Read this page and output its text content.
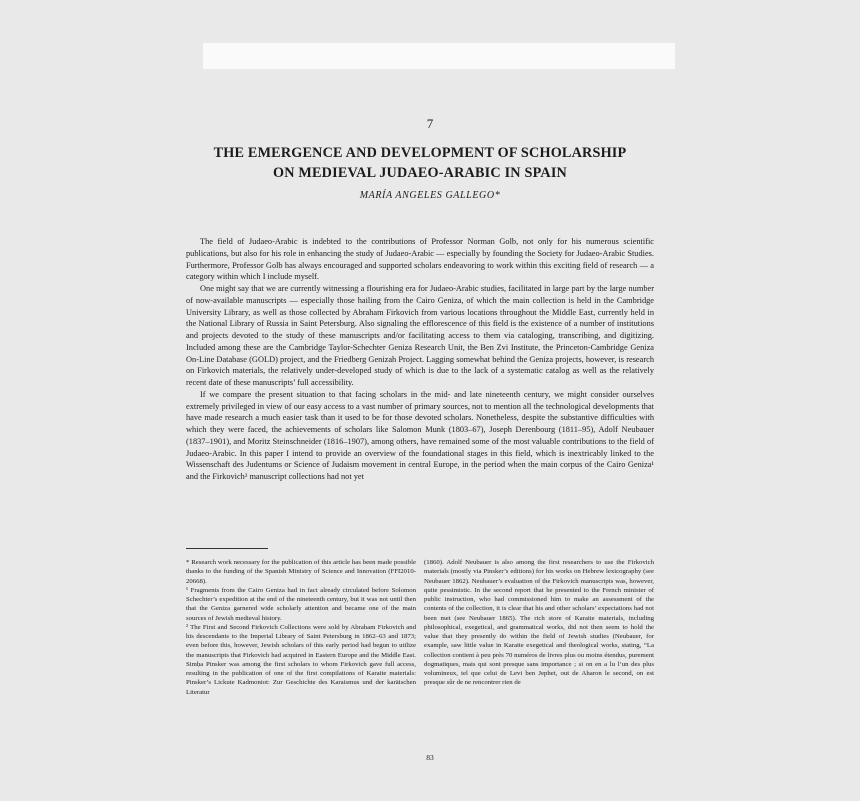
7
THE EMERGENCE AND DEVELOPMENT OF SCHOLARSHIP
ON MEDIEVAL JUDAEO-ARABIC IN SPAIN
MARÍA ANGELES GALLEGO*

The field of Judaeo-Arabic is indebted to the contributions of Professor Norman Golb, not only for his numerous scientific publications, but also for his role in enhancing the study of Judaeo-Arabic — especially by founding the Society for Judaeo-Arabic Studies. Furthermore, Professor Golb has always encouraged and supported scholars endeavoring to work within this exciting field of research — a category within which I include myself.

One might say that we are currently witnessing a flourishing era for Judaeo-Arabic studies, facilitated in large part by the large number of now-available manuscripts — especially those hailing from the Cairo Geniza, of which the main collection is held in the Cambridge University Library, as well as those collected by Abraham Firkovich from various locations throughout the Middle East, currently held in the National Library of Russia in Saint Petersburg. Also signaling the efflorescence of this field is the existence of a number of institutions and projects devoted to the study of these manuscripts and/or facilitating access to them via cataloging, transcribing, and digitizing. Included among these are the Cambridge Taylor-Schechter Geniza Research Unit, the Ben Zvi Institute, the Princeton-Cambridge Geniza On-Line Database (GOLD) project, and the Friedberg Genizah Project. Lagging somewhat behind the Geniza projects, however, is research on Firkovich materials, the relatively under-developed study of which is due to the lack of a systematic catalog as well as the relatively recent date of these manuscripts’ full accessibility.

If we compare the present situation to that facing scholars in the mid- and late nineteenth century, we might consider ourselves extremely privileged in view of our easy access to a vast number of primary sources, not to mention all the technological developments that have made research a much easier task than it used to be for those devoted scholars. Nonetheless, despite the substantive difficulties with which they were faced, the achievements of scholars like Salomon Munk (1803–67), Joseph Derenbourg (1811–95), Adolf Neubauer (1837–1901), and Moritz Steinschneider (1816–1907), among others, have remained some of the most valuable contributions to the field of Judaeo-Arabic. In this paper I intend to provide an overview of the foundational stages in this field, which is inextricably linked to the Wissenschaft des Judentums or Science of Judaism movement in central Europe, in the period when the main corpus of the Cairo Geniza¹ and the Firkovich² manuscript collections had not yet

* Research work necessary for the publication of this article has been made possible thanks to the funding of the Spanish Ministry of Science and Innovation (FFI2010-20668).

¹ Fragments from the Cairo Geniza had in fact already circulated before Solomon Schechter’s expedition at the end of the nineteenth century, but it was not until then that the Geniza garnered wide scholarly attention and became one of the main sources of Jewish medieval history.

² The First and Second Firkovich Collections were sold by Abraham Firkovich and his descendants to the Imperial Library of Saint Petersburg in 1862–63 and 1873; even before this, however, Jewish scholars of this early period had begun to utilize the manuscripts that Firkovich had acquired in Eastern Europe and the Middle East. Simḥa Pinsker was among the first scholars to whom Firkovich gave full access, resulting in the publication of one of the first compilations of Karaite materials: Pinsker’s Lickute Kadmoniot: Zur Geschichte des Karaismus und der karäischen Literatur

(1860). Adolf Neubauer is also among the first researchers to use the Firkovich materials (mostly via Pinsker’s editions) for his works on Hebrew lexicography (see Neubauer 1862). Neubauer’s evaluation of the Firkovich manuscripts was, however, quite pessimistic. In the second report that he presented to the French minister of public instruction, who had commissioned him to make an assessment of the contents of the collection, it is clear that his and other scholars’ expectations had not been met (see Neubauer 1865). The rich store of Karaite materials, including philosophical, exegetical, and grammatical works, did not then seem to hold the value that they presently do within the field of Jewish studies (Neubauer, for example, saw little value in Karaite exegetical and theological works, stating, “La collection contient à peu près 70 numéros de livres plus ou moins étendus, purement dogmatiques, mais qui sont presque sans importance ; si on en a lu l’un des plus volumineux, tel que celui de Levi ben Jephet, out de Aharon le second, on est presque sûr de ne rencontrer rien de

83
